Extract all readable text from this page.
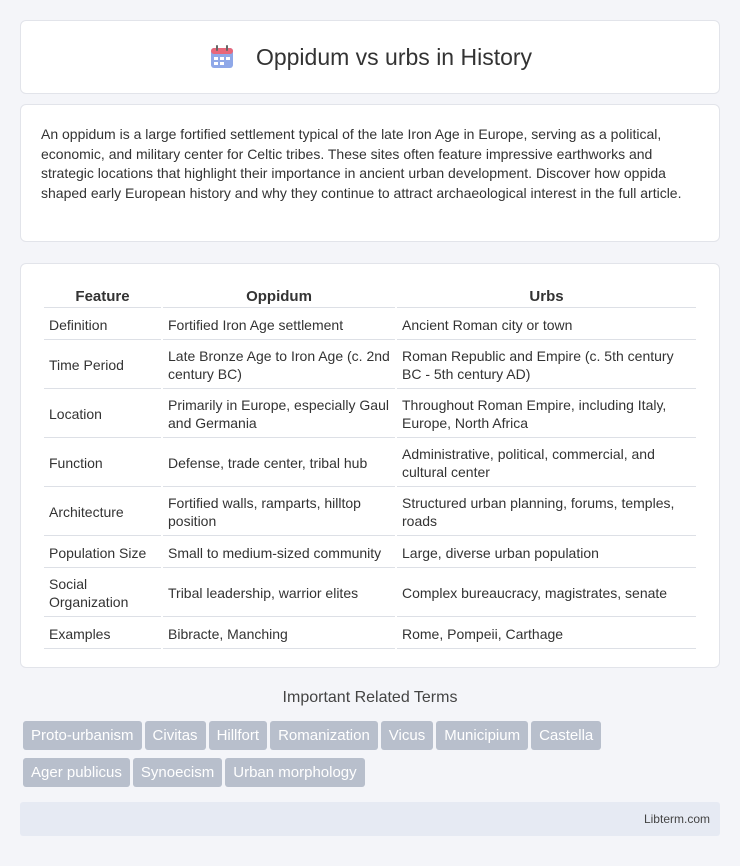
Oppidum vs urbs in History

An oppidum is a large fortified settlement typical of the late Iron Age in Europe, serving as a political, economic, and military center for Celtic tribes. These sites often feature impressive earthworks and strategic locations that highlight their importance in ancient urban development. Discover how oppida shaped early European history and why they continue to attract archaeological interest in the full article.

Feature	Oppidum	Urbs
Definition	Fortified Iron Age settlement	Ancient Roman city or town
Time Period	Late Bronze Age to Iron Age (c. 2nd century BC)	Roman Republic and Empire (c. 5th century BC - 5th century AD)
Location	Primarily in Europe, especially Gaul and Germania	Throughout Roman Empire, including Italy, Europe, North Africa
Function	Defense, trade center, tribal hub	Administrative, political, commercial, and cultural center
Architecture	Fortified walls, ramparts, hilltop position	Structured urban planning, forums, temples, roads
Population Size	Small to medium-sized community	Large, diverse urban population
Social Organization	Tribal leadership, warrior elites	Complex bureaucracy, magistrates, senate
Examples	Bibracte, Manching	Rome, Pompeii, Carthage
Important Related Terms
Proto-urbanism Civitas Hillfort Romanization Vicus Municipium Castella
Ager publicus Synoecism Urban morphology
Libterm.com
